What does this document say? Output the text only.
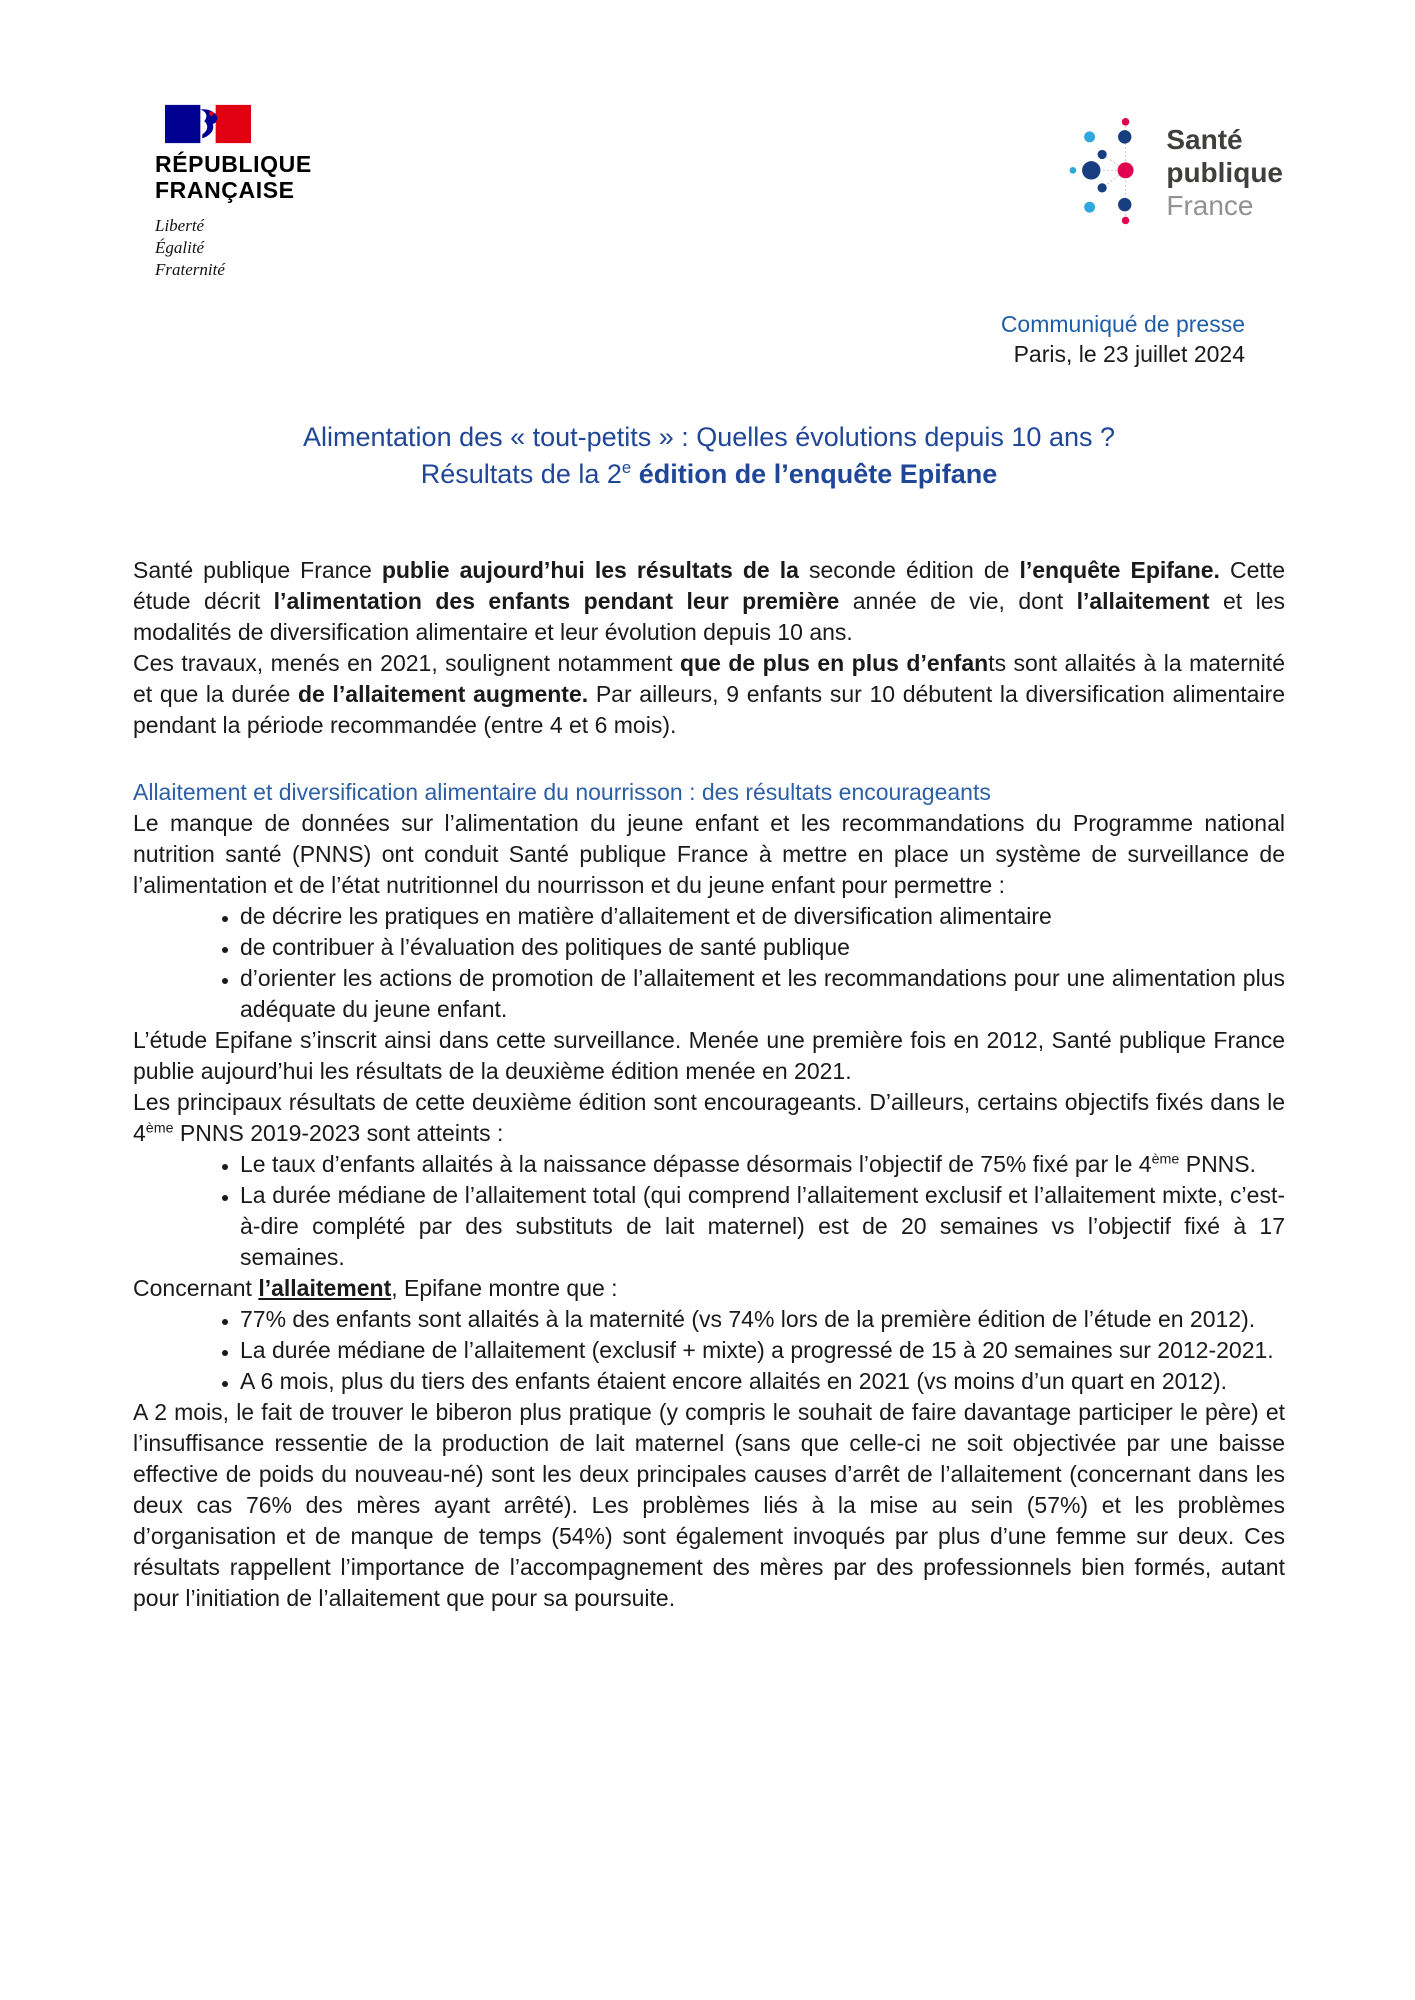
RÉPUBLIQUE
FRANÇAISE
Liberté
Égalité
Fraternité
Santé
publique
France
Communiqué de presse
Paris, le 23 juillet 2024
Alimentation des « tout-petits » : Quelles évolutions depuis 10 ans ?
Résultats de la 2e édition de l’enquête Epifane

Santé publique France publie aujourd’hui les résultats de la seconde édition de l’enquête Epifane. Cette étude décrit l’alimentation des enfants pendant leur première année de vie, dont l’allaitement et les modalités de diversification alimentaire et leur évolution depuis 10 ans.

Ces travaux, menés en 2021, soulignent notamment que de plus en plus d’enfants sont allaités à la maternité et que la durée de l’allaitement augmente. Par ailleurs, 9 enfants sur 10 débutent la diversification alimentaire pendant la période recommandée (entre 4 et 6 mois).

Allaitement et diversification alimentaire du nourrisson : des résultats encourageants

Le manque de données sur l’alimentation du jeune enfant et les recommandations du Programme national nutrition santé (PNNS) ont conduit Santé publique France à mettre en place un système de surveillance de l’alimentation et de l’état nutritionnel du nourrisson et du jeune enfant pour permettre :

• de décrire les pratiques en matière d’allaitement et de diversification alimentaire
• de contribuer à l’évaluation des politiques de santé publique
• d’orienter les actions de promotion de l’allaitement et les recommandations pour une alimentation plus adéquate du jeune enfant.

L’étude Epifane s’inscrit ainsi dans cette surveillance. Menée une première fois en 2012, Santé publique France publie aujourd’hui les résultats de la deuxième édition menée en 2021.

Les principaux résultats de cette deuxième édition sont encourageants. D’ailleurs, certains objectifs fixés dans le 4ème PNNS 2019-2023 sont atteints :

• Le taux d’enfants allaités à la naissance dépasse désormais l’objectif de 75% fixé par le 4ème PNNS.
• La durée médiane de l’allaitement total (qui comprend l’allaitement exclusif et l’allaitement mixte, c’est-à-dire complété par des substituts de lait maternel) est de 20 semaines vs l’objectif fixé à 17 semaines.

Concernant l’allaitement, Epifane montre que :

• 77% des enfants sont allaités à la maternité (vs 74% lors de la première édition de l’étude en 2012).
• La durée médiane de l’allaitement (exclusif + mixte) a progressé de 15 à 20 semaines sur 2012-2021.
• A 6 mois, plus du tiers des enfants étaient encore allaités en 2021 (vs moins d’un quart en 2012).

A 2 mois, le fait de trouver le biberon plus pratique (y compris le souhait de faire davantage participer le père) et l’insuffisance ressentie de la production de lait maternel (sans que celle-ci ne soit objectivée par une baisse effective de poids du nouveau-né) sont les deux principales causes d’arrêt de l’allaitement (concernant dans les deux cas 76% des mères ayant arrêté). Les problèmes liés à la mise au sein (57%) et les problèmes d’organisation et de manque de temps (54%) sont également invoqués par plus d’une femme sur deux. Ces résultats rappellent l’importance de l’accompagnement des mères par des professionnels bien formés, autant pour l’initiation de l’allaitement que pour sa poursuite.
